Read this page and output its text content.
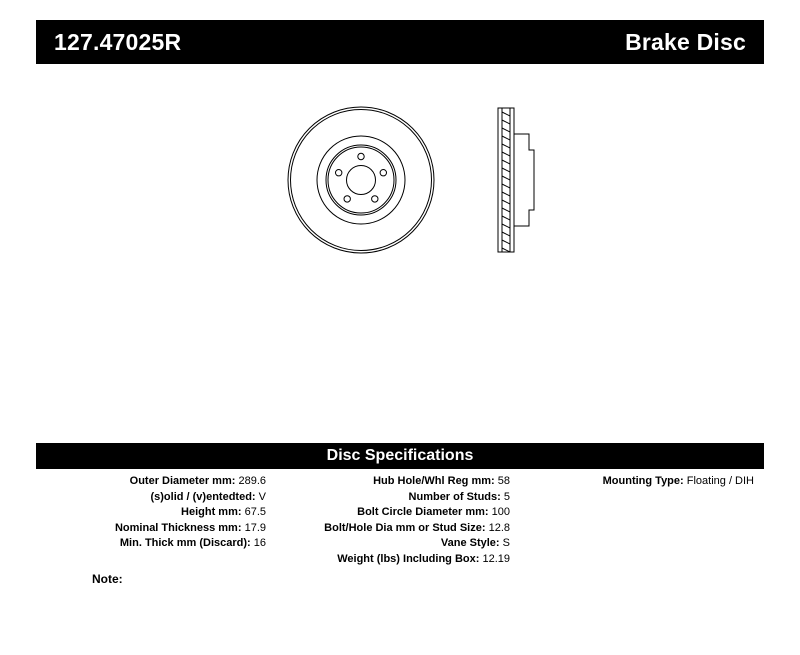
127.47025R	Brake Disc
Disc Specifications
Outer Diameter mm: 289.6
(s)olid / (v)entedted: V
Height mm: 67.5
Nominal Thickness mm: 17.9
Min. Thick mm (Discard): 16
Hub Hole/Whl Reg mm: 58
Number of Studs: 5
Bolt Circle Diameter mm: 100
Bolt/Hole Dia mm or Stud Size: 12.8
Vane Style: S
Weight (lbs) Including Box: 12.19
Mounting Type: Floating / DIH
Note:
